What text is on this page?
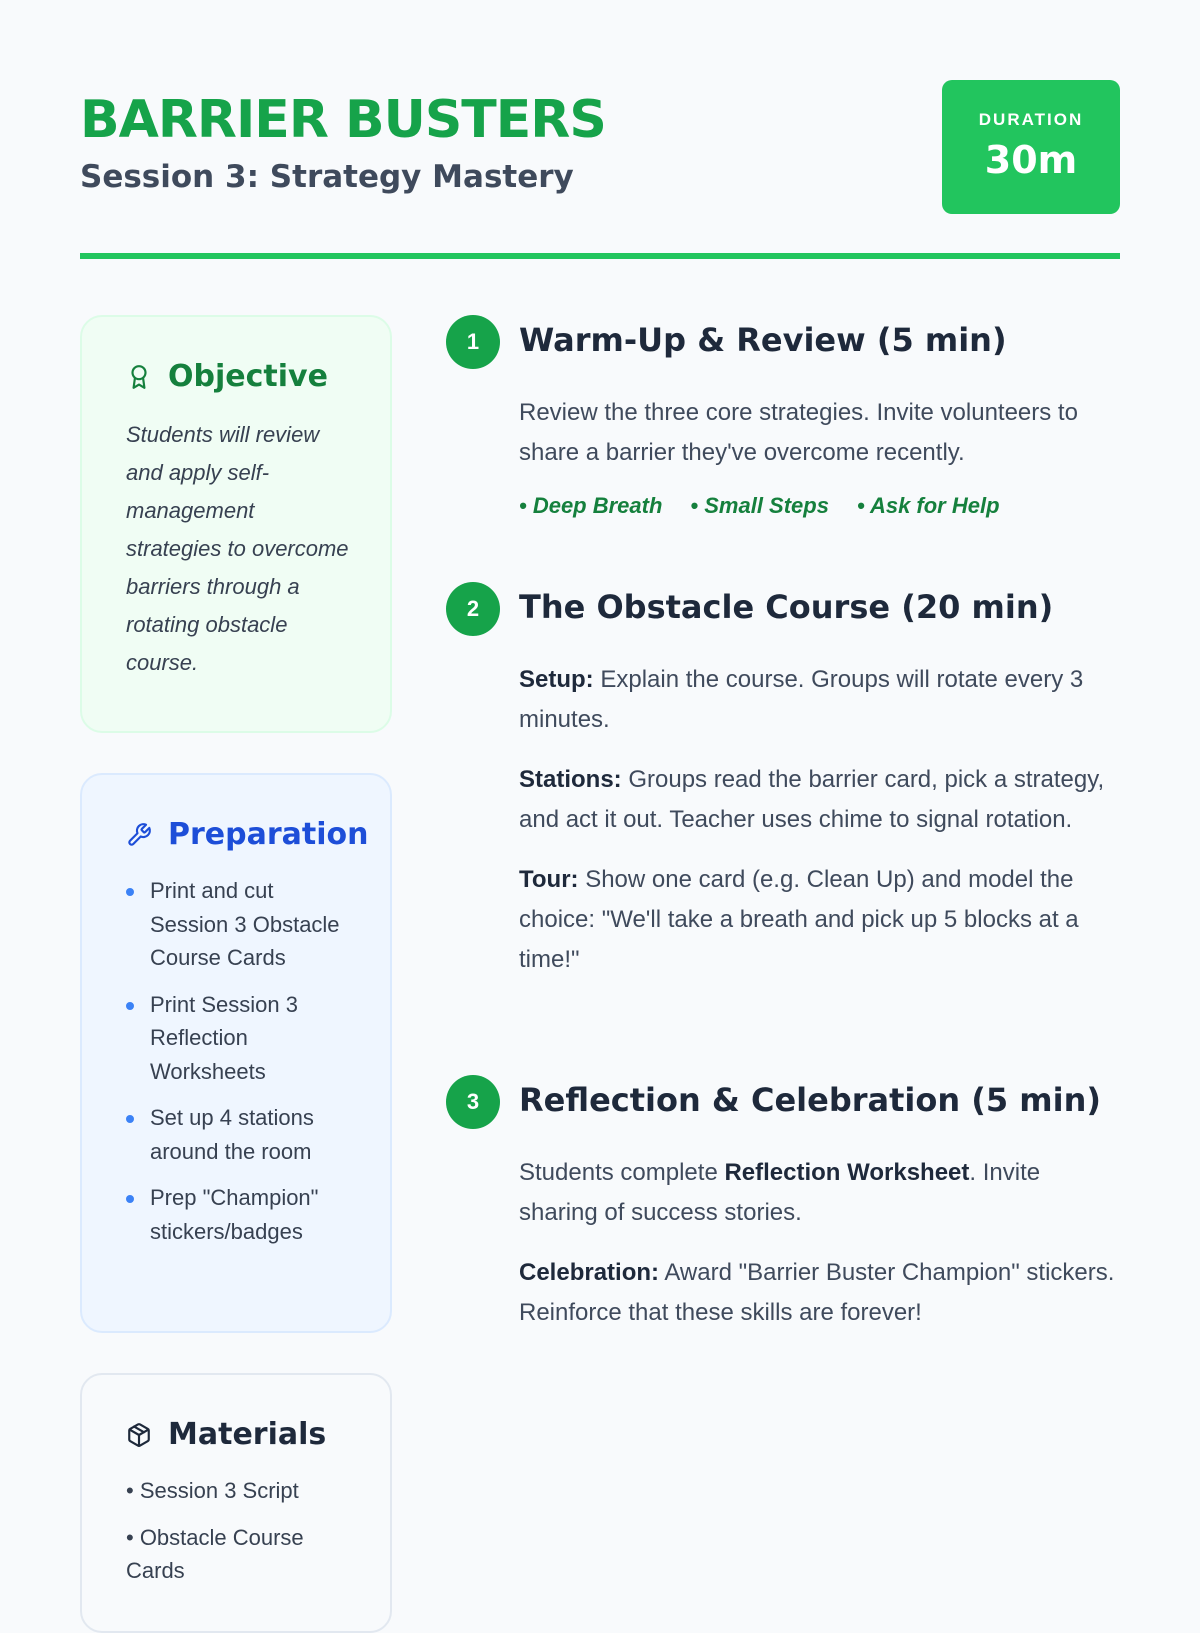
BARRIER BUSTERS
Session 3: Strategy Mastery
DURATION
30m
Objective

Students will review and apply self-management strategies to overcome barriers through a rotating obstacle course.

Preparation
Print and cut Session 3 Obstacle Course Cards
Print Session 3 Reflection Worksheets
Set up 4 stations around the room
Prep "Champion" stickers/badges
Materials
• Session 3 Script
• Obstacle Course Cards
1	Warm-Up & Review (5 min)

Review the three core strategies. Invite volunteers to share a barrier they've overcome recently.

• Deep Breath • Small Steps • Ask for Help
2	The Obstacle Course (20 min)

Setup: Explain the course. Groups will rotate every 3 minutes.

Stations: Groups read the barrier card, pick a strategy, and act it out. Teacher uses chime to signal rotation.

Tour: Show one card (e.g. Clean Up) and model the choice: "We'll take a breath and pick up 5 blocks at a time!"

3	Reflection & Celebration (5 min)

Students complete Reflection Worksheet. Invite sharing of success stories.

Celebration: Award "Barrier Buster Champion" stickers. Reinforce that these skills are forever!
